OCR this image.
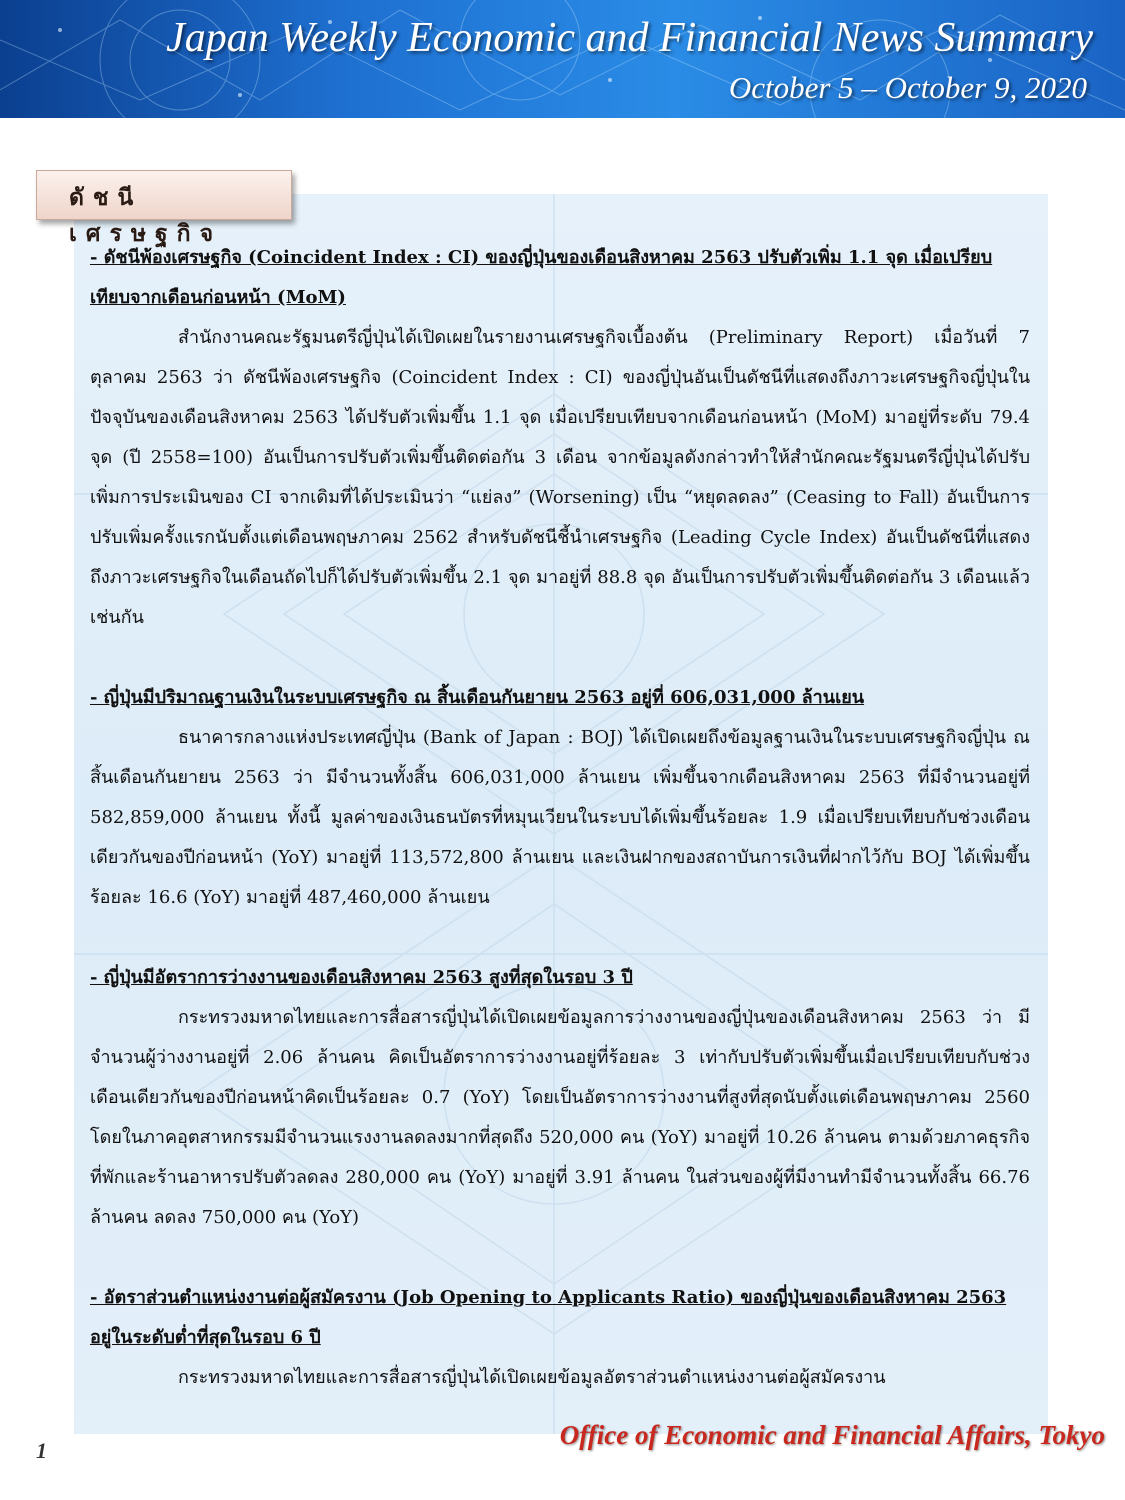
Japan Weekly Economic and Financial News Summary
October 5 – October 9, 2020
ดัชนีเศรษฐกิจ
- ดัชนีพ้องเศรษฐกิจ (Coincident Index : CI) ของญี่ปุ่นของเดือนสิงหาคม 2563 ปรับตัวเพิ่ม 1.1 จุด เมื่อเปรียบเทียบจากเดือนก่อนหน้า (MoM)
สำนักงานคณะรัฐมนตรีญี่ปุ่นได้เปิดเผยในรายงานเศรษฐกิจเบื้องต้น (Preliminary Report) เมื่อวันที่ 7 ตุลาคม 2563 ว่า ดัชนีพ้องเศรษฐกิจ (Coincident Index : CI) ของญี่ปุ่นอันเป็นดัชนีที่แสดงถึงภาวะเศรษฐกิจญี่ปุ่นในปัจจุบันของเดือนสิงหาคม 2563 ได้ปรับตัวเพิ่มขึ้น 1.1 จุด เมื่อเปรียบเทียบจากเดือนก่อนหน้า (MoM) มาอยู่ที่ระดับ 79.4 จุด (ปี 2558=100) อันเป็นการปรับตัวเพิ่มขึ้นติดต่อกัน 3 เดือน จากข้อมูลดังกล่าวทำให้สำนักคณะรัฐมนตรีญี่ปุ่นได้ปรับเพิ่มการประเมินของ CI จากเดิมที่ได้ประเมินว่า “แย่ลง” (Worsening) เป็น “หยุดลดลง” (Ceasing to Fall) อันเป็นการปรับเพิ่มครั้งแรกนับตั้งแต่เดือนพฤษภาคม 2562 สำหรับดัชนีชี้นำเศรษฐกิจ (Leading Cycle Index) อันเป็นดัชนีที่แสดงถึงภาวะเศรษฐกิจในเดือนถัดไปก็ได้ปรับตัวเพิ่มขึ้น 2.1 จุด มาอยู่ที่ 88.8 จุด อันเป็นการปรับตัวเพิ่มขึ้นติดต่อกัน 3 เดือนแล้วเช่นกัน
- ญี่ปุ่นมีปริมาณฐานเงินในระบบเศรษฐกิจ ณ สิ้นเดือนกันยายน 2563 อยู่ที่ 606,031,000 ล้านเยน
ธนาคารกลางแห่งประเทศญี่ปุ่น (Bank of Japan : BOJ) ได้เปิดเผยถึงข้อมูลฐานเงินในระบบเศรษฐกิจญี่ปุ่น ณ สิ้นเดือนกันยายน 2563 ว่า มีจำนวนทั้งสิ้น 606,031,000 ล้านเยน เพิ่มขึ้นจากเดือนสิงหาคม 2563 ที่มีจำนวนอยู่ที่ 582,859,000 ล้านเยน ทั้งนี้ มูลค่าของเงินธนบัตรที่หมุนเวียนในระบบได้เพิ่มขึ้นร้อยละ 1.9 เมื่อเปรียบเทียบกับช่วงเดือนเดียวกันของปีก่อนหน้า (YoY) มาอยู่ที่ 113,572,800 ล้านเยน และเงินฝากของสถาบันการเงินที่ฝากไว้กับ BOJ ได้เพิ่มขึ้นร้อยละ 16.6 (YoY) มาอยู่ที่ 487,460,000 ล้านเยน
- ญี่ปุ่นมีอัตราการว่างงานของเดือนสิงหาคม 2563 สูงที่สุดในรอบ 3 ปี
กระทรวงมหาดไทยและการสื่อสารญี่ปุ่นได้เปิดเผยข้อมูลการว่างงานของญี่ปุ่นของเดือนสิงหาคม 2563 ว่า มีจำนวนผู้ว่างงานอยู่ที่ 2.06 ล้านคน คิดเป็นอัตราการว่างงานอยู่ที่ร้อยละ 3 เท่ากับปรับตัวเพิ่มขึ้นเมื่อเปรียบเทียบกับช่วงเดือนเดียวกันของปีก่อนหน้าคิดเป็นร้อยละ 0.7 (YoY) โดยเป็นอัตราการว่างงานที่สูงที่สุดนับตั้งแต่เดือนพฤษภาคม 2560 โดยในภาคอุตสาหกรรมมีจำนวนแรงงานลดลงมากที่สุดถึง 520,000 คน (YoY) มาอยู่ที่ 10.26 ล้านคน ตามด้วยภาคธุรกิจที่พักและร้านอาหารปรับตัวลดลง 280,000 คน (YoY) มาอยู่ที่ 3.91 ล้านคน ในส่วนของผู้ที่มีงานทำมีจำนวนทั้งสิ้น 66.76 ล้านคน ลดลง 750,000 คน (YoY)
- อัตราส่วนตำแหน่งงานต่อผู้สมัครงาน (Job Opening to Applicants Ratio) ของญี่ปุ่นของเดือนสิงหาคม 2563 อยู่ในระดับต่ำที่สุดในรอบ 6 ปี
กระทรวงมหาดไทยและการสื่อสารญี่ปุ่นได้เปิดเผยข้อมูลอัตราส่วนตำแหน่งงานต่อผู้สมัครงาน
1
Office of Economic and Financial Affairs, Tokyo
